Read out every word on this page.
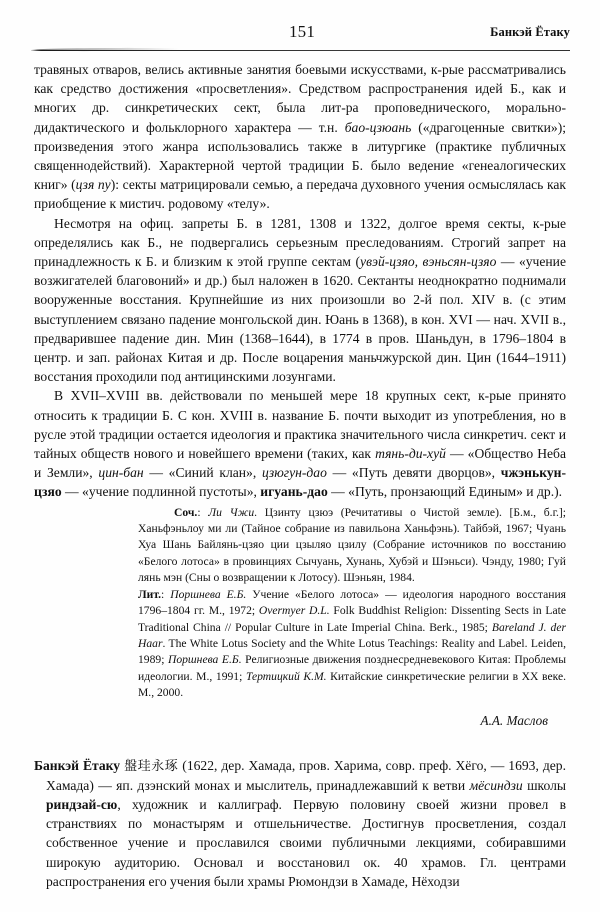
151	Банкэй Ётаку

травяных отваров, велись активные занятия боевыми искусствами, к-рые рассматривались как средство достижения «просветления». Средством распространения идей Б., как и многих др. синкретических сект, была лит-ра проповеднического, морально-дидактического и фольклорного характера — т.н. бао-цзюань («драгоценные свитки»); произведения этого жанра использовались также в литургике (практике публичных священнодействий). Характерной чертой традиции Б. было ведение «генеалогических книг» (цзя пу): секты матрицировали семью, а передача духовного учения осмыслялась как приобщение к мистич. родовому «телу».

Несмотря на офиц. запреты Б. в 1281, 1308 и 1322, долгое время секты, к-рые определялись как Б., не подвергались серьезным преследованиям. Строгий запрет на принадлежность к Б. и близким к этой группе сектам (увэй-цзяо, вэньсян-цзяо — «учение возжигателей благовоний» и др.) был наложен в 1620. Сектанты неоднократно поднимали вооруженные восстания. Крупнейшие из них произошли во 2-й пол. XIV в. (с этим выступлением связано падение монгольской дин. Юань в 1368), в кон. XVI — нач. XVII в., предварившее падение дин. Мин (1368–1644), в 1774 в пров. Шаньдун, в 1796–1804 в центр. и зап. районах Китая и др. После воцарения маньчжурской дин. Цин (1644–1911) восстания проходили под антицинскими лозунгами.

В XVII–XVIII вв. действовали по меньшей мере 18 крупных сект, к-рые принято относить к традиции Б. С кон. XVIII в. название Б. почти выходит из употребления, но в русле этой традиции остается идеология и практика значительного числа синкретич. сект и тайных обществ нового и новейшего времени (таких, как тянь-ди-хуй — «Общество Неба и Земли», цин-бан — «Синий клан», цзюгун-дао — «Путь девяти дворцов», чжэнькун-цзяо — «учение подлинной пустоты», игуань-дао — «Путь, пронзающий Единым» и др.).

Соч.: Ли Чжи. Цзинту цзюэ (Речитативы о Чистой земле). [Б.м., б.г.]; Ханьфэньлоу ми ли (Тайное собрание из павильона Ханьфэнь). Тайбэй, 1967; Чуань Хуа Шань Байлянь-цзяо ции цзыляо цзилу (Собрание источников по восстанию «Белого лотоса» в провинциях Сычуань, Хунань, Хубэй и Шэньси). Чэнду, 1980; Гуй лянь мэн (Сны о возвращении к Лотосу). Шэньян, 1984.

Лит.: Поршнева Е.Б. Учение «Белого лотоса» — идеология народного восстания 1796–1804 гг. М., 1972; Overmyer D.L. Folk Buddhist Religion: Dissenting Sects in Late Traditional China // Popular Culture in Late Imperial China. Berk., 1985; Bareland J. der Haar. The White Lotus Society and the White Lotus Teachings: Reality and Label. Leiden, 1989; Поршнева Е.Б. Религиозные движения позднесредневекового Китая: Проблемы идеологии. М., 1991; Тертицкий К.М. Китайские синкретические религии в XX веке. М., 2000.

А.А. Маслов

Банкэй Ётаку 盤珪永琢 (1622, дер. Хамада, пров. Харима, совр. преф. Хёго, — 1693, дер. Хамада) — яп. дзэнский монах и мыслитель, принадлежавший к ветви мёсиндзи школы риндзай-сю, художник и каллиграф. Первую половину своей жизни провел в странствиях по монастырям и отшельничестве. Достигнув просветления, создал собственное учение и прославился своими публичными лекциями, собиравшими широкую аудиторию. Основал и восстановил ок. 40 храмов. Гл. центрами распространения его учения были храмы Рюмондзи в Хамаде, Нёходзи
